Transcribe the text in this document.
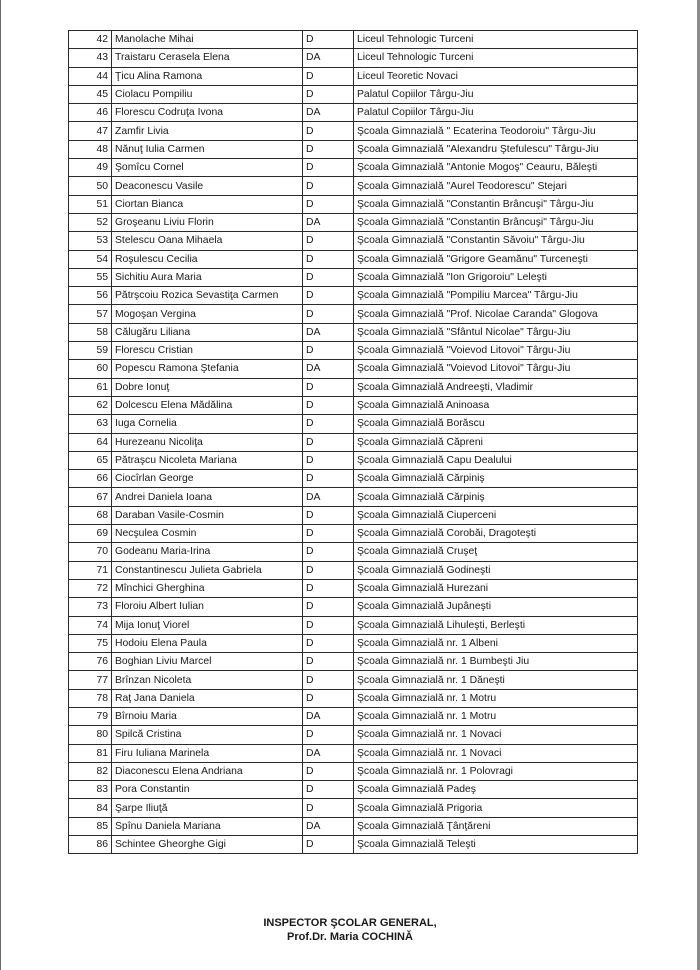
42	Manolache Mihai	D	Liceul Tehnologic Turceni
43	Traistaru Cerasela Elena	DA	Liceul Tehnologic Turceni
44	Ţicu Alina Ramona	D	Liceul Teoretic Novaci
45	Ciolacu Pompiliu	D	Palatul Copiilor Târgu-Jiu
46	Florescu Codruţa Ivona	DA	Palatul Copiilor Târgu-Jiu
47	Zamfir Livia	D	Şcoala Gimnazială " Ecaterina Teodoroiu" Târgu-Jiu
48	Nănuţ Iulia Carmen	D	Şcoala Gimnazială "Alexandru Ştefulescu" Târgu-Jiu
49	Şomîcu Cornel	D	Şcoala Gimnazială "Antonie Mogoş" Ceauru, Băleşti
50	Deaconescu Vasile	D	Şcoala Gimnazială "Aurel Teodorescu" Stejari
51	Ciortan Bianca	D	Şcoala Gimnazială "Constantin Brâncuşi" Târgu-Jiu
52	Groşeanu Liviu Florin	DA	Şcoala Gimnazială "Constantin Brâncuşi" Târgu-Jiu
53	Stelescu Oana Mihaela	D	Şcoala Gimnazială "Constantin Săvoiu" Târgu-Jiu
54	Roşulescu Cecilia	D	Şcoala Gimnazială "Grigore Geamănu" Turceneşti
55	Sichitiu Aura Maria	D	Şcoala Gimnazială "Ion Grigoroiu" Leleşti
56	Pătrşcoiu Rozica Sevastiţa Carmen	D	Şcoala Gimnazială "Pompiliu Marcea" Târgu-Jiu
57	Mogoşan Vergina	D	Şcoala Gimnazială "Prof. Nicolae Caranda" Glogova
58	Călugăru Liliana	DA	Şcoala Gimnazială "Sfântul Nicolae" Târgu-Jiu
59	Florescu Cristian	D	Şcoala Gimnazială "Voievod Litovoi" Târgu-Jiu
60	Popescu Ramona Ştefania	DA	Şcoala Gimnazială "Voievod Litovoi" Târgu-Jiu
61	Dobre Ionuţ	D	Şcoala Gimnazială Andreeşti, Vladimir
62	Dolcescu Elena Mădălina	D	Şcoala Gimnazială Aninoasa
63	Iuga Cornelia	D	Şcoala Gimnazială Borăscu
64	Hurezeanu Nicoliţa	D	Şcoala Gimnazială Căpreni
65	Pătraşcu Nicoleta Mariana	D	Şcoala Gimnazială Capu Dealului
66	Ciocîrlan George	D	Şcoala Gimnazială Cărpiniş
67	Andrei Daniela Ioana	DA	Şcoala Gimnazială Cărpiniş
68	Daraban Vasile-Cosmin	D	Şcoala Gimnazială Ciuperceni
69	Necşulea Cosmin	D	Şcoala Gimnazială Corobăi, Dragoteşti
70	Godeanu Maria-Irina	D	Şcoala Gimnazială Cruşeţ
71	Constantinescu Julieta Gabriela	D	Şcoala Gimnazială Godineşti
72	Mînchici Gherghina	D	Şcoala Gimnazială Hurezani
73	Floroiu Albert Iulian	D	Şcoala Gimnazială Jupâneşti
74	Mija Ionuţ Viorel	D	Şcoala Gimnazială Lihuleşti, Berleşti
75	Hodoiu Elena Paula	D	Şcoala Gimnazială nr. 1 Albeni
76	Boghian Liviu Marcel	D	Şcoala Gimnazială nr. 1 Bumbeşti Jiu
77	Brînzan Nicoleta	D	Şcoala Gimnazială nr. 1 Dăneşti
78	Raţ Jana Daniela	D	Şcoala Gimnazială nr. 1 Motru
79	Bîrnoiu Maria	DA	Şcoala Gimnazială nr. 1 Motru
80	Spilcă Cristina	D	Şcoala Gimnazială nr. 1 Novaci
81	Firu Iuliana Marinela	DA	Şcoala Gimnazială nr. 1 Novaci
82	Diaconescu Elena Andriana	D	Şcoala Gimnazială nr. 1 Polovragi
83	Pora Constantin	D	Şcoala Gimnazială Padeş
84	Şarpe Iliuţă	D	Şcoala Gimnazială Prigoria
85	Spînu Daniela Mariana	DA	Şcoala Gimnazială Ţânţăreni
86	Schintee Gheorghe Gigi	D	Şcoala Gimnazială Teleşti
INSPECTOR ŞCOLAR GENERAL,
Prof.Dr. Maria COCHINĂ
